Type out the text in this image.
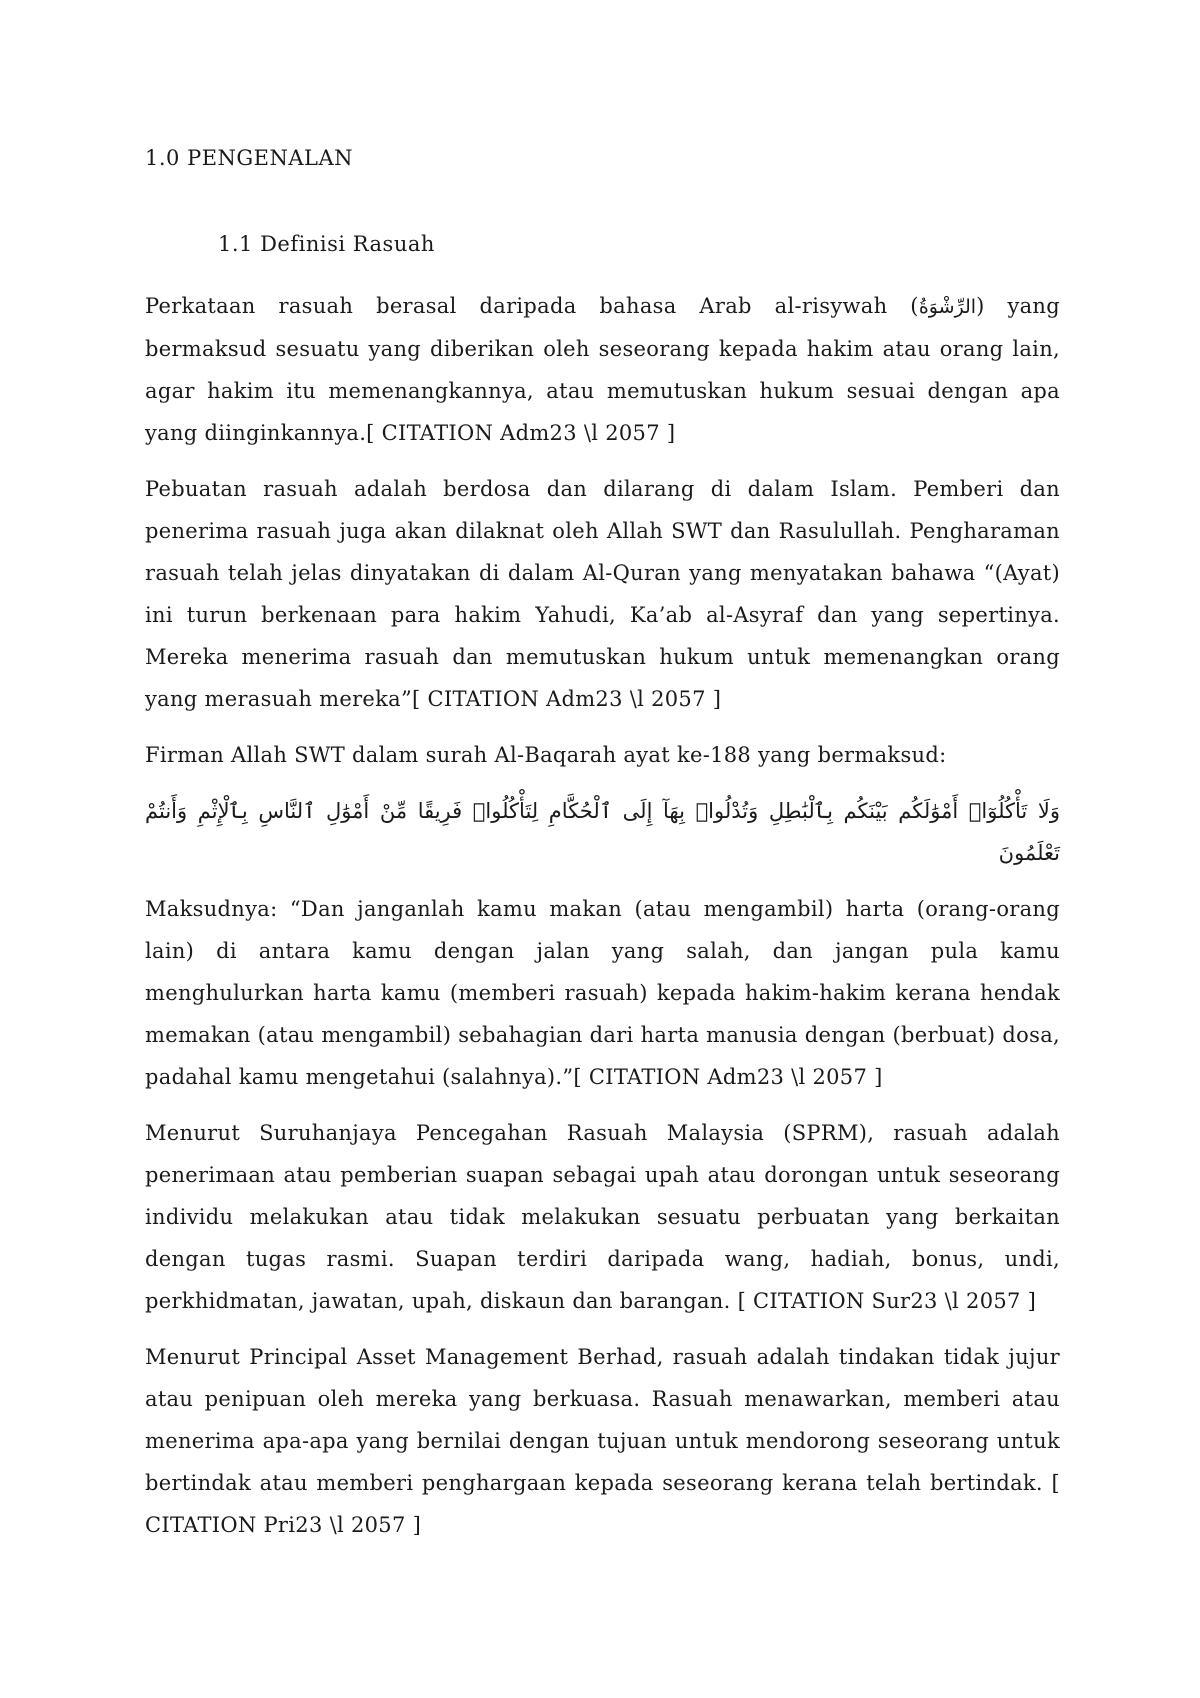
1.0 PENGENALAN
1.1 Definisi Rasuah

Perkataan rasuah berasal daripada bahasa Arab al-risywah (الرِّشْوَةُ) yang bermaksud sesuatu yang diberikan oleh seseorang kepada hakim atau orang lain, agar hakim itu memenangkannya, atau memutuskan hukum sesuai dengan apa yang diinginkannya.[ CITATION Adm23 \l 2057 ]

Pebuatan rasuah adalah berdosa dan dilarang di dalam Islam. Pemberi dan penerima rasuah juga akan dilaknat oleh Allah SWT dan Rasulullah. Pengharaman rasuah telah jelas dinyatakan di dalam Al-Quran yang menyatakan bahawa “(Ayat) ini turun berkenaan para hakim Yahudi, Ka’ab al-Asyraf dan yang sepertinya. Mereka menerima rasuah dan memutuskan hukum untuk memenangkan orang yang merasuah mereka”[ CITATION Adm23 \l 2057 ]

Firman Allah SWT dalam surah Al-Baqarah ayat ke-188 yang bermaksud:

وَلَا تَأْكُلُوٓا۟ أَمْوَٰلَكُم بَيْنَكُم بِٱلْبَٰطِلِ وَتُدْلُوا۟ بِهَآ إِلَى ٱلْحُكَّامِ لِتَأْكُلُوا۟ فَرِيقًا مِّنْ أَمْوَٰلِ ٱلنَّاسِ بِٱلْإِثْمِ وَأَنتُمْ تَعْلَمُونَ

Maksudnya: “Dan janganlah kamu makan (atau mengambil) harta (orang-orang lain) di antara kamu dengan jalan yang salah, dan jangan pula kamu menghulurkan harta kamu (memberi rasuah) kepada hakim-hakim kerana hendak memakan (atau mengambil) sebahagian dari harta manusia dengan (berbuat) dosa, padahal kamu mengetahui (salahnya).”[ CITATION Adm23 \l 2057 ]

Menurut Suruhanjaya Pencegahan Rasuah Malaysia (SPRM), rasuah adalah penerimaan atau pemberian suapan sebagai upah atau dorongan untuk seseorang individu melakukan atau tidak melakukan sesuatu perbuatan yang berkaitan dengan tugas rasmi. Suapan terdiri daripada wang, hadiah, bonus, undi, perkhidmatan, jawatan, upah, diskaun dan barangan. [ CITATION Sur23 \l 2057 ]

Menurut Principal Asset Management Berhad, rasuah adalah tindakan tidak jujur atau penipuan oleh mereka yang berkuasa. Rasuah menawarkan, memberi atau menerima apa-apa yang bernilai dengan tujuan untuk mendorong seseorang untuk bertindak atau memberi penghargaan kepada seseorang kerana telah bertindak. [ CITATION Pri23 \l 2057 ]
